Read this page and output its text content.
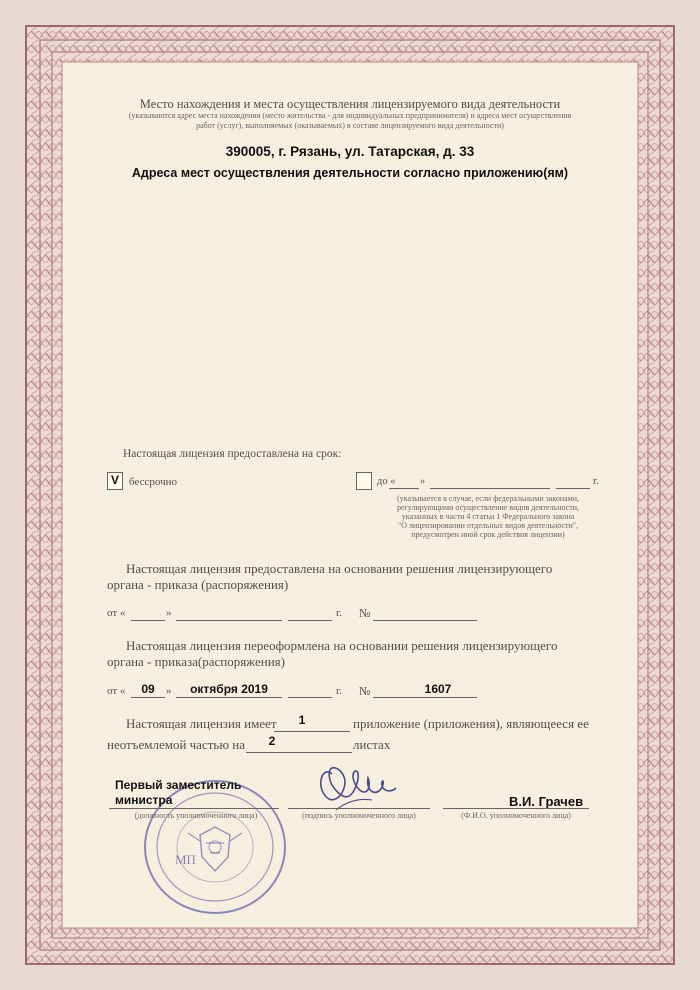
Место нахождения и места осуществления лицензируемого вида деятельности
(указываются адрес места нахождения (место жительства - для индивидуальных предпринимателя) и адреса мест осуществления
работ (услуг), выполняемых (оказываемых) в составе лицензируемого вида деятельности)
390005, г. Рязань, ул. Татарская, д. 33
Адреса мест осуществления деятельности согласно приложению(ям)
Настоящая лицензия предоставлена на срок:
V бессрочно	до « »	г.
(указывается в случае, если федеральными законами,
регулирующими осуществление видов деятельности,
указанных в части 4 статьи 1 Федерального закона
"О лицензировании отдельных видов деятельности",
предусмотрен иной срок действия лицензии)
Настоящая лицензия предоставлена на основании решения лицензирующего
органа - приказа (распоряжения)
от «	»	г. №
Настоящая лицензия переоформлена на основании решения лицензирующего
органа - приказа(распоряжения)
от «	09	»	октября 2019	г. №	1607
Настоящая лицензия имеет	1	приложение (приложения), являющееся ее
неотъемлемой частью на	2	листах
МП
Первый заместитель
министра
(должность уполномоченного лица)	(подпись уполномоченного лица)
В.И. Грачев
(Ф.И.О. уполномоченного лица)
